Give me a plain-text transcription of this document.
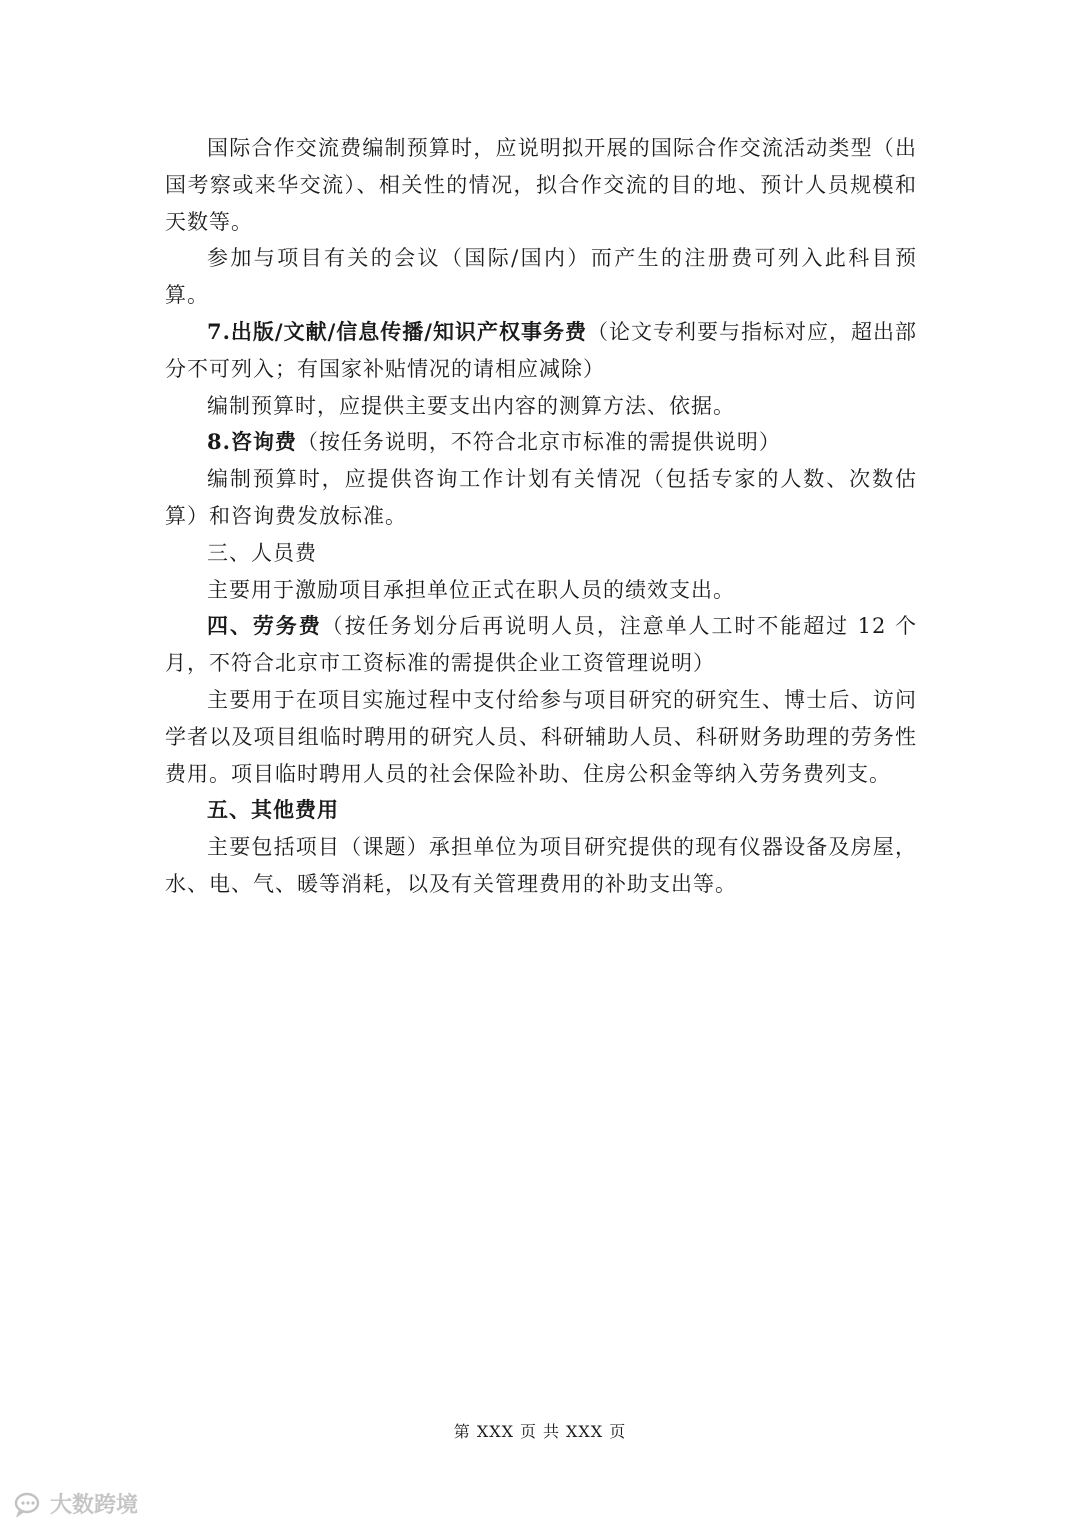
国际合作交流费编制预算时，应说明拟开展的国际合作交流活动类型（出国考察或来华交流）、相关性的情况，拟合作交流的目的地、预计人员规模和天数等。

参加与项目有关的会议（国际/国内）而产生的注册费可列入此科目预算。

7.出版/文献/信息传播/知识产权事务费（论文专利要与指标对应，超出部分不可列入；有国家补贴情况的请相应减除）

编制预算时，应提供主要支出内容的测算方法、依据。

8.咨询费（按任务说明，不符合北京市标准的需提供说明）

编制预算时，应提供咨询工作计划有关情况（包括专家的人数、次数估算）和咨询费发放标准。

三、人员费

主要用于激励项目承担单位正式在职人员的绩效支出。

四、劳务费（按任务划分后再说明人员，注意单人工时不能超过 12 个月，不符合北京市工资标准的需提供企业工资管理说明）

主要用于在项目实施过程中支付给参与项目研究的研究生、博士后、访问学者以及项目组临时聘用的研究人员、科研辅助人员、科研财务助理的劳务性费用。项目临时聘用人员的社会保险补助、住房公积金等纳入劳务费列支。

五、其他费用

主要包括项目（课题）承担单位为项目研究提供的现有仪器设备及房屋，水、电、气、暖等消耗，以及有关管理费用的补助支出等。

第 XXX 页 共 XXX 页
大数跨境
